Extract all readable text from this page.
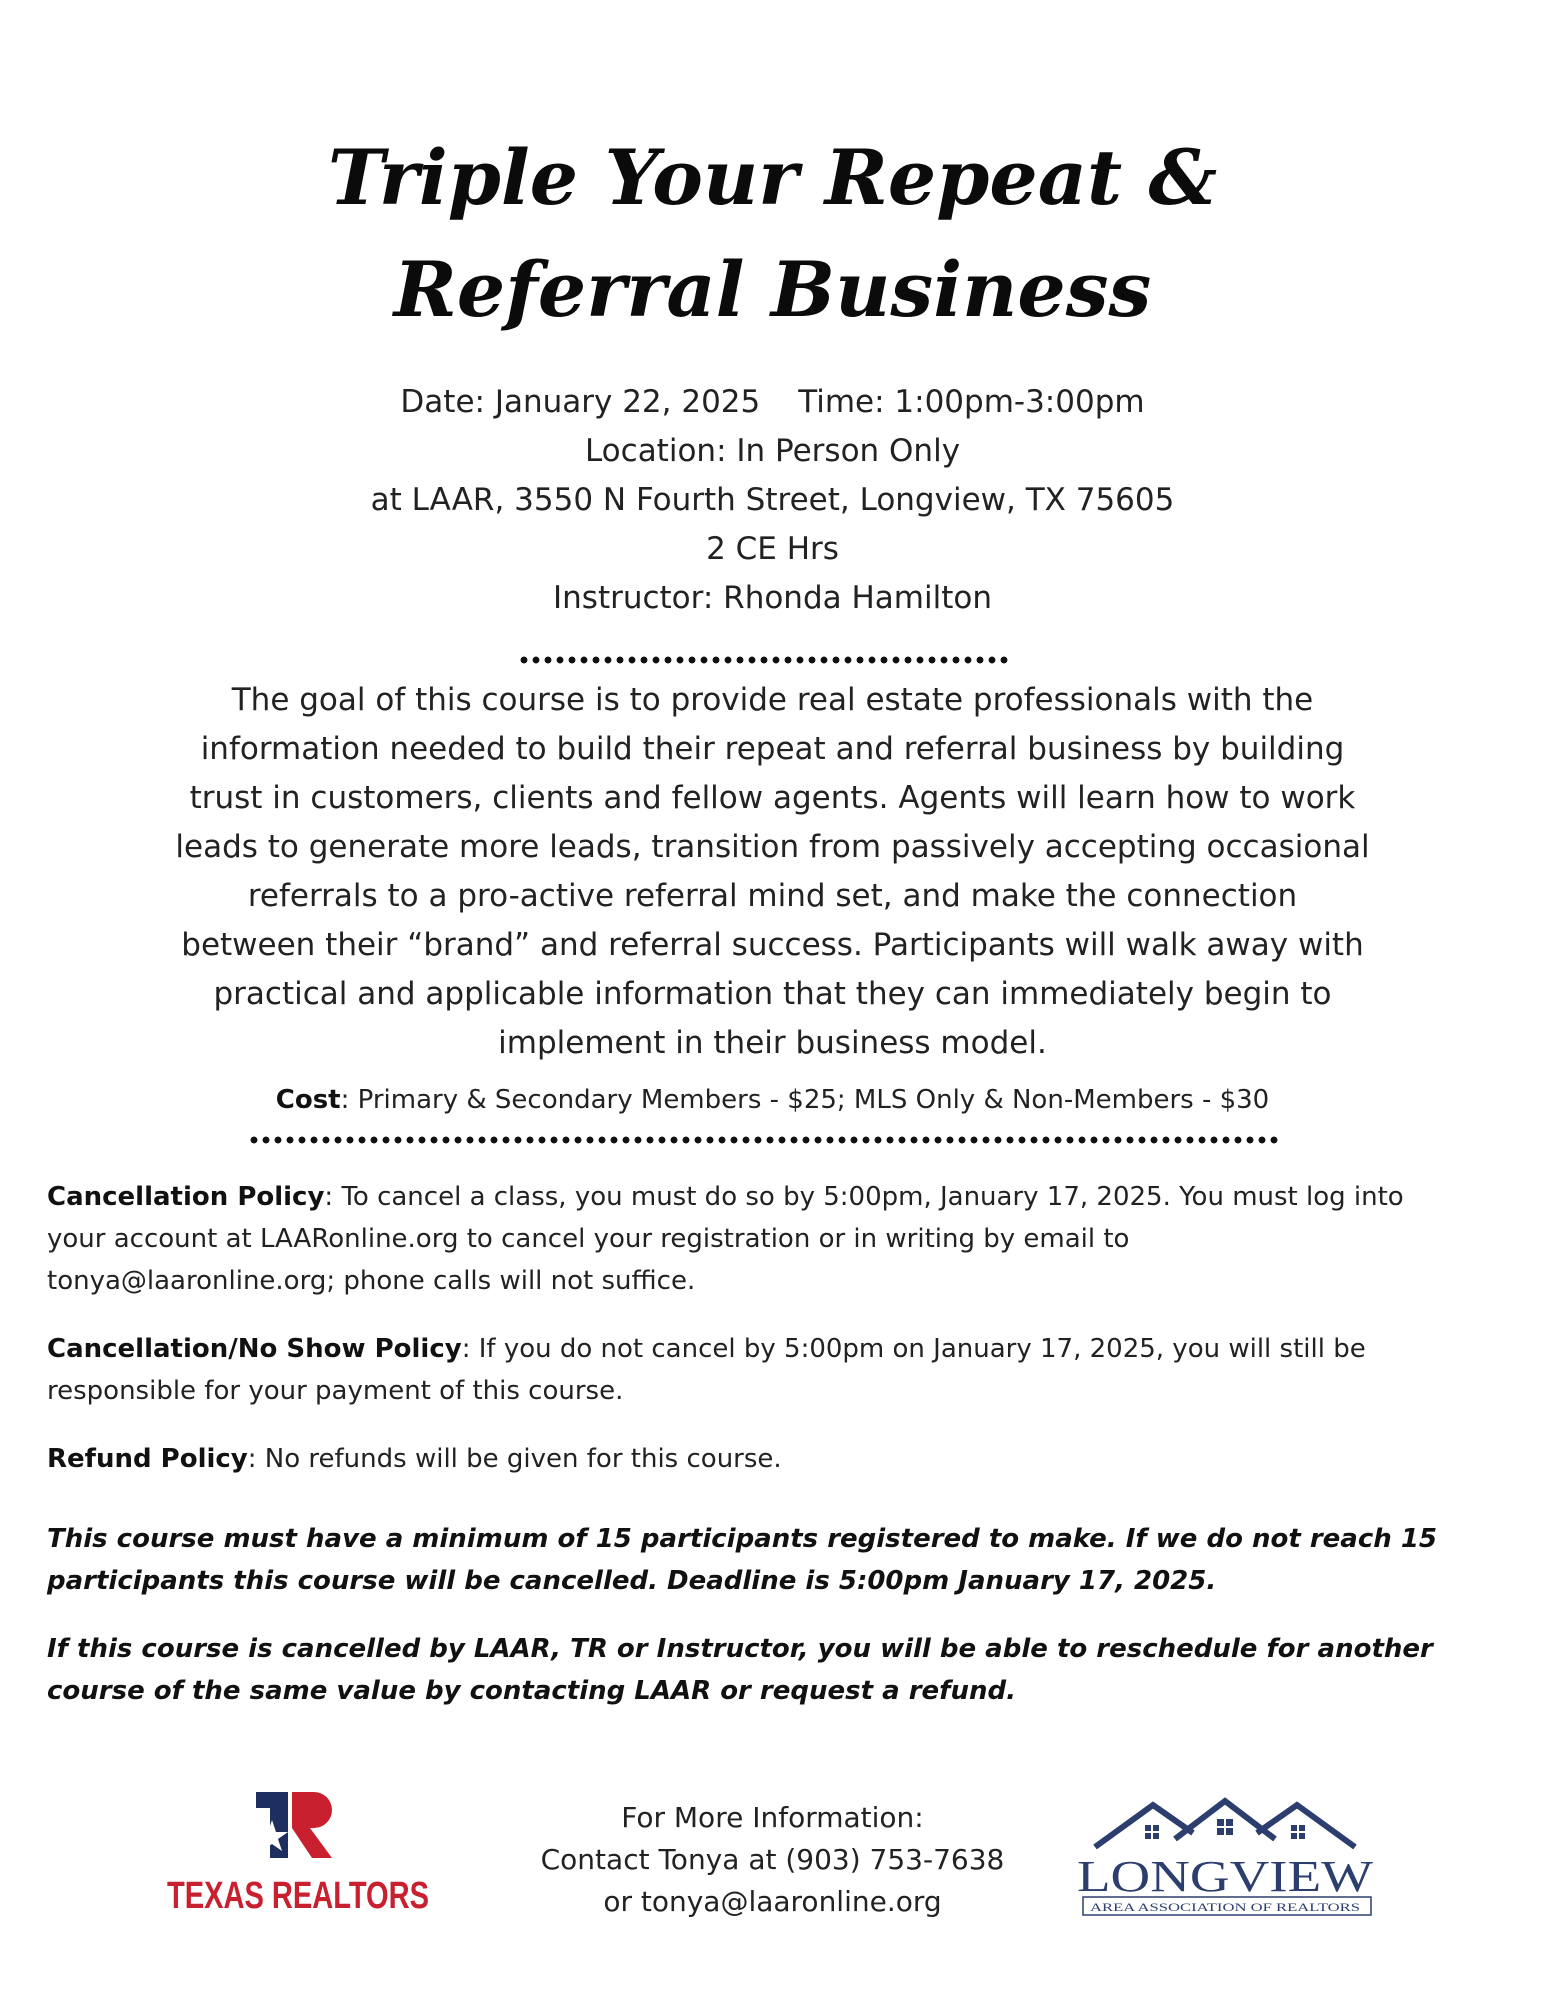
Triple Your Repeat &
Referral Business
Date: January 22, 2025 Time: 1:00pm-3:00pm
Location: In Person Only
at LAAR, 3550 N Fourth Street, Longview, TX 75605
2 CE Hrs
Instructor: Rhonda Hamilton
The goal of this course is to provide real estate professionals with the
information needed to build their repeat and referral business by building
trust in customers, clients and fellow agents. Agents will learn how to work
leads to generate more leads, transition from passively accepting occasional
referrals to a pro-active referral mind set, and make the connection
between their “brand” and referral success. Participants will walk away with
practical and applicable information that they can immediately begin to
implement in their business model.
Cost: Primary & Secondary Members - $25; MLS Only & Non-Members - $30

Cancellation Policy: To cancel a class, you must do so by 5:00pm, January 17, 2025. You must log into
your account at LAARonline.org to cancel your registration or in writing by email to
tonya@laaronline.org; phone calls will not suffice.

Cancellation/No Show Policy: If you do not cancel by 5:00pm on January 17, 2025, you will still be
responsible for your payment of this course.

Refund Policy: No refunds will be given for this course.

This course must have a minimum of 15 participants registered to make. If we do not reach 15
participants this course will be cancelled. Deadline is 5:00pm January 17, 2025.

If this course is cancelled by LAAR, TR or Instructor, you will be able to reschedule for another
course of the same value by contacting LAAR or request a refund.

TEXAS REALTORS
For More Information:
Contact Tonya at (903) 753-7638
or tonya@laaronline.org
LONGVIEW
AREA ASSOCIATION OF REALTORS
